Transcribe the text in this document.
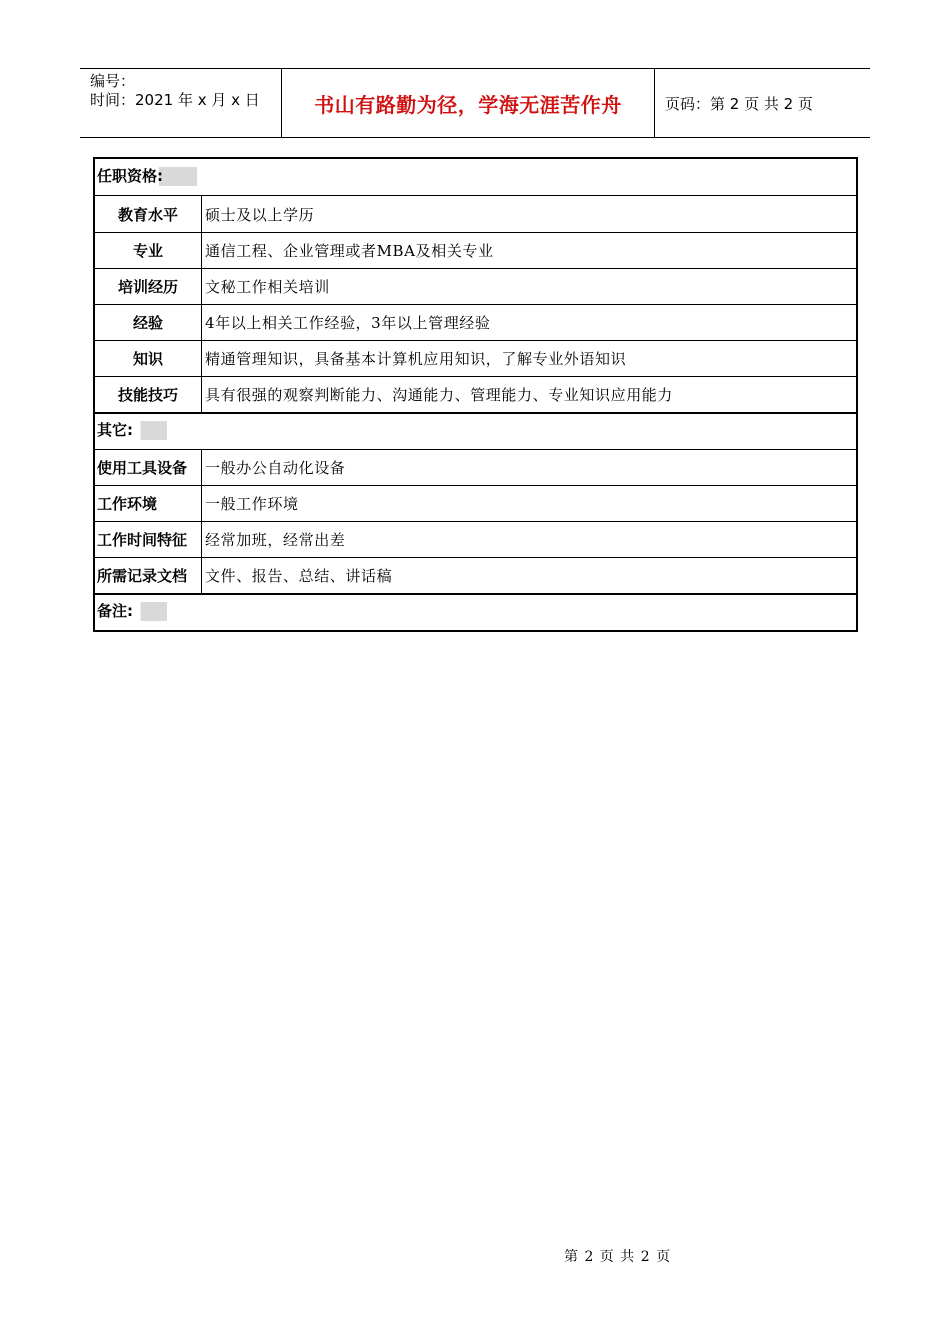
编号：
时间：2021 年 x 月 x 日	书山有路勤为径，学海无涯苦作舟	页码：第 2 页 共 2 页
任职资格:
教育水平	硕士及以上学历
专业	通信工程、企业管理或者MBA及相关专业
培训经历	文秘工作相关培训
经验	4年以上相关工作经验，3年以上管理经验
知识	精通管理知识，具备基本计算机应用知识，了解专业外语知识
技能技巧	具有很强的观察判断能力、沟通能力、管理能力、专业知识应用能力
其它:
使用工具设备	一般办公自动化设备
工作环境	一般工作环境
工作时间特征	经常加班，经常出差
所需记录文档	文件、报告、总结、讲话稿
备注:
第 2 页 共 2 页
